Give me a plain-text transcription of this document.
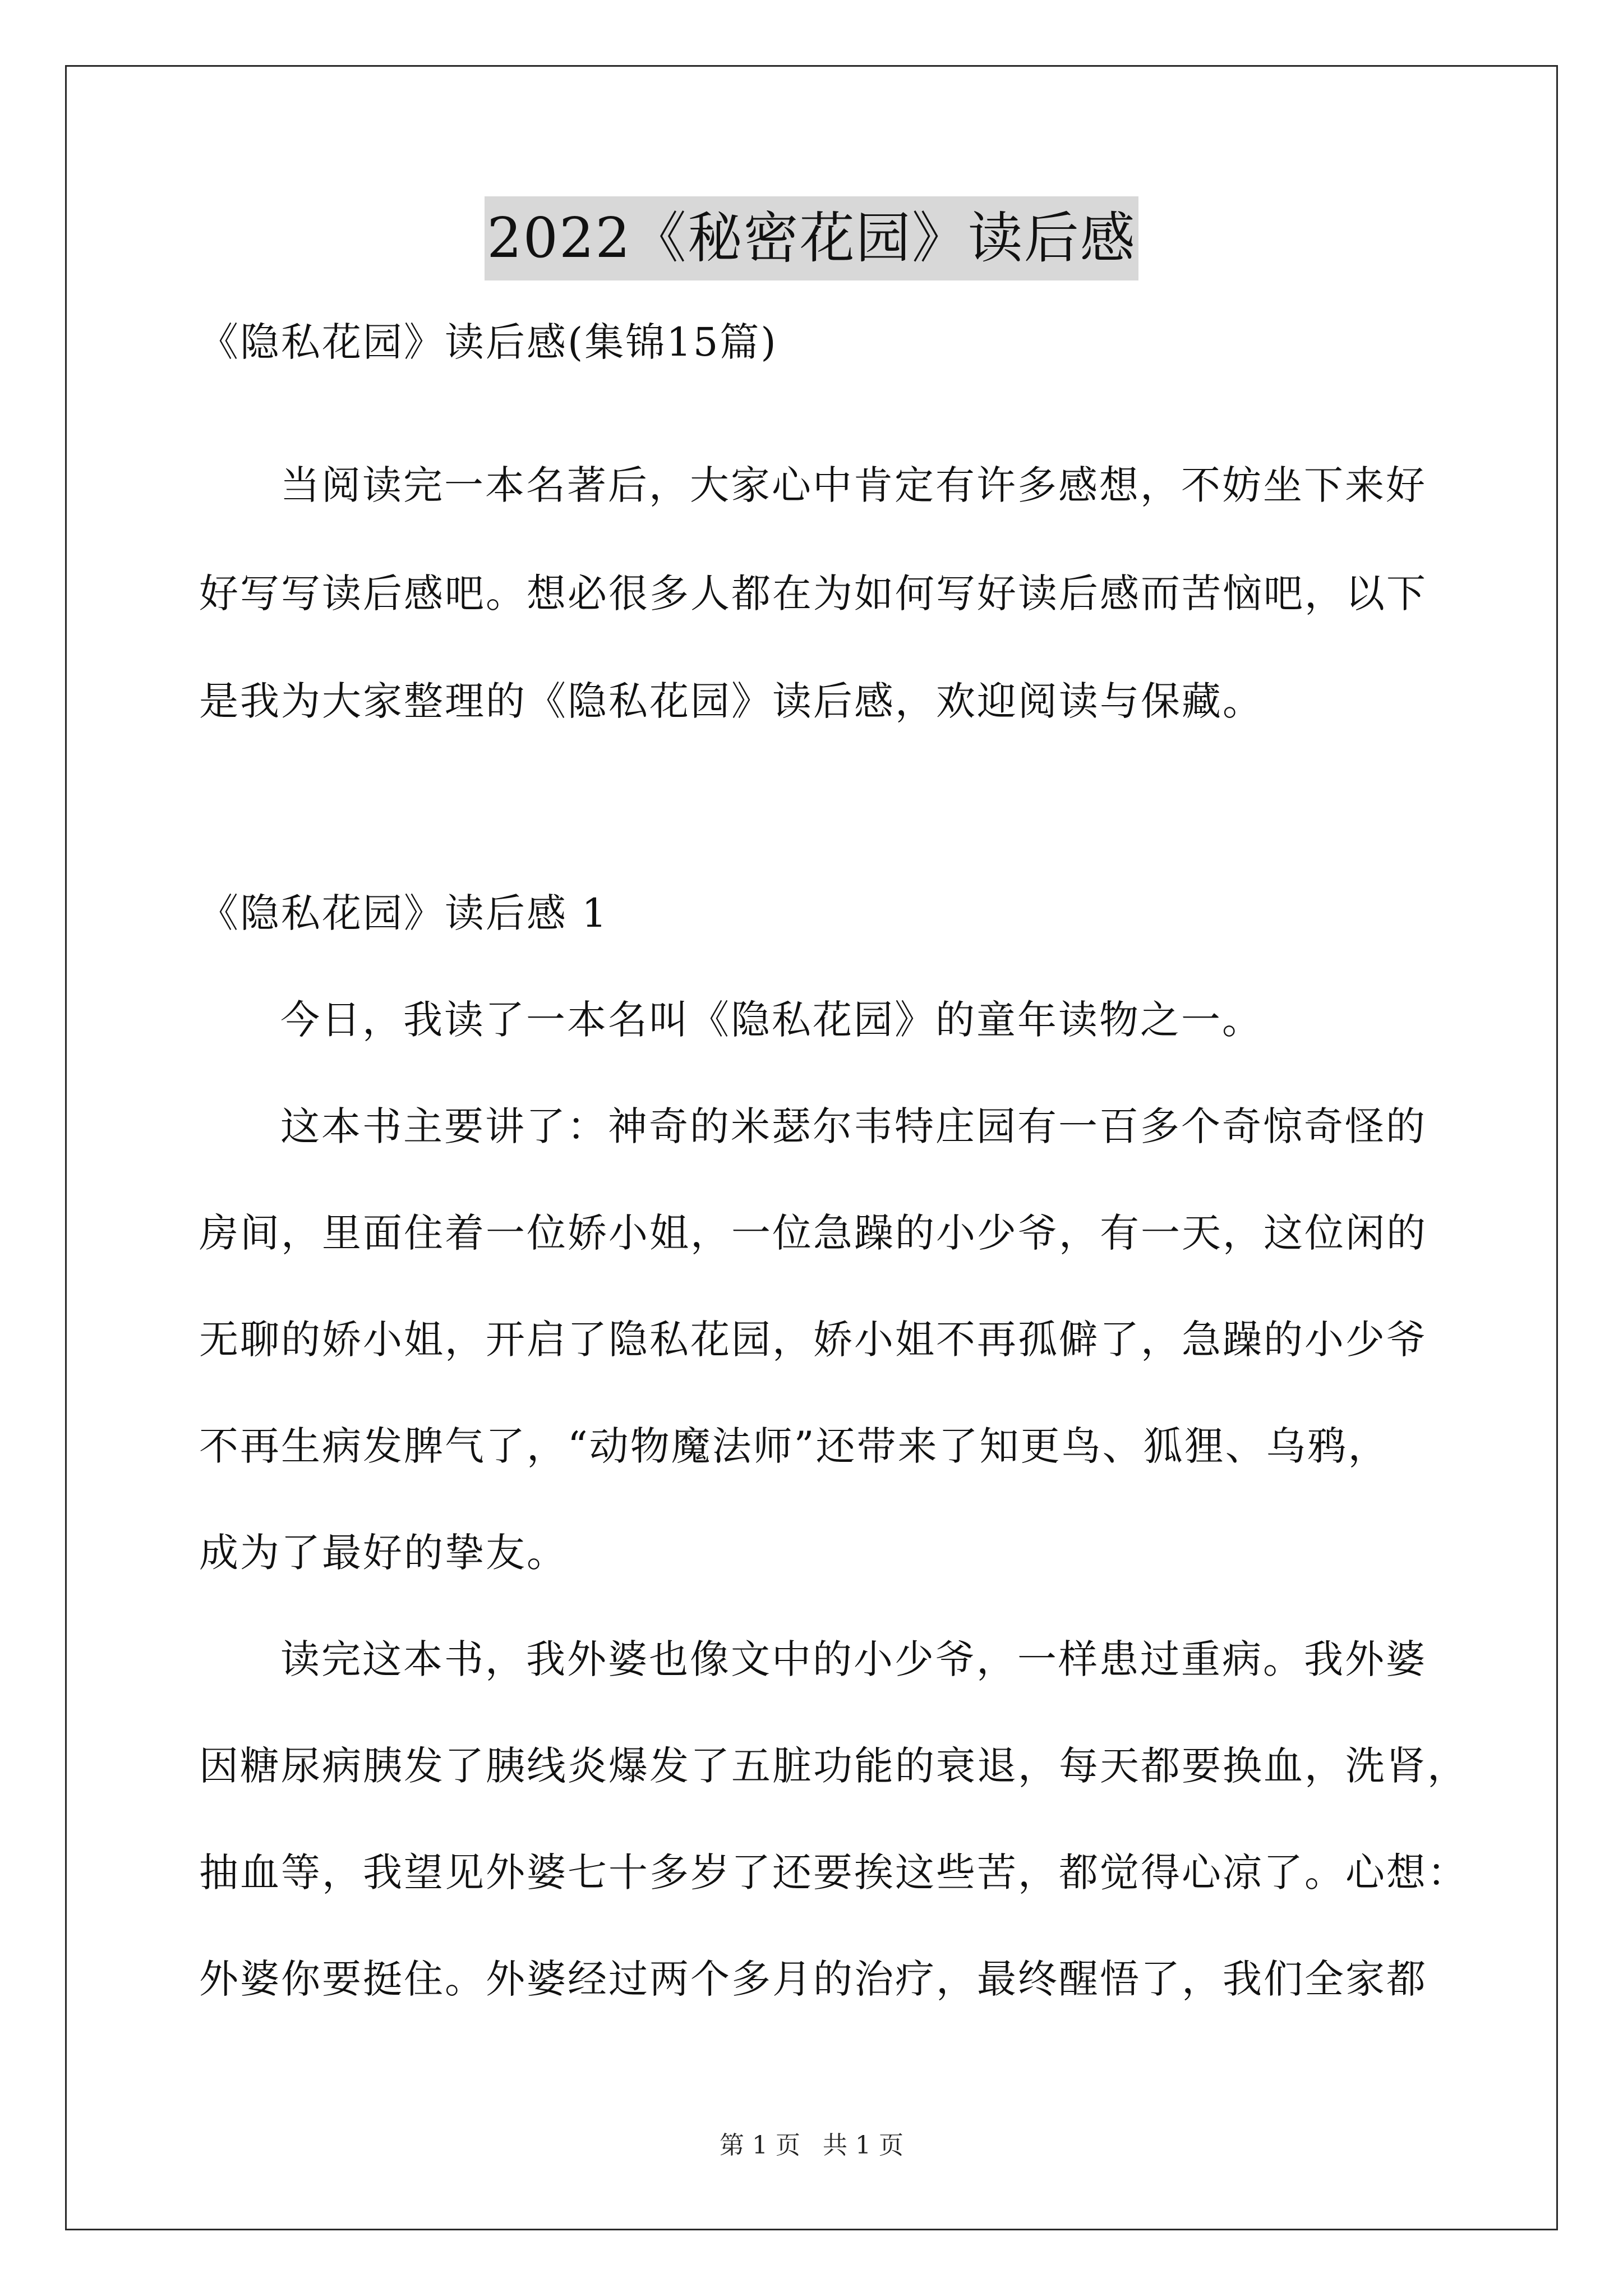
2022《秘密花园》读后感
《隐私花园》读后感(集锦15篇)
当阅读完一本名著后，大家心中肯定有许多感想，不妨坐下来好
好写写读后感吧。想必很多人都在为如何写好读后感而苦恼吧，以下
是我为大家整理的《隐私花园》读后感，欢迎阅读与保藏。
《隐私花园》读后感 1
今日，我读了一本名叫《隐私花园》的童年读物之一。
这本书主要讲了：神奇的米瑟尔韦特庄园有一百多个奇惊奇怪的
房间，里面住着一位娇小姐，一位急躁的小少爷，有一天，这位闲的
无聊的娇小姐，开启了隐私花园，娇小姐不再孤僻了，急躁的小少爷
不再生病发脾气了，“动物魔法师”还带来了知更鸟、狐狸、乌鸦，
成为了最好的挚友。
读完这本书，我外婆也像文中的小少爷，一样患过重病。我外婆
因糖尿病胰发了胰线炎爆发了五脏功能的衰退，每天都要换血，洗肾，
抽血等，我望见外婆七十多岁了还要挨这些苦，都觉得心凉了。心想：
外婆你要挺住。外婆经过两个多月的治疗，最终醒悟了，我们全家都
第 1 页 共 1 页
